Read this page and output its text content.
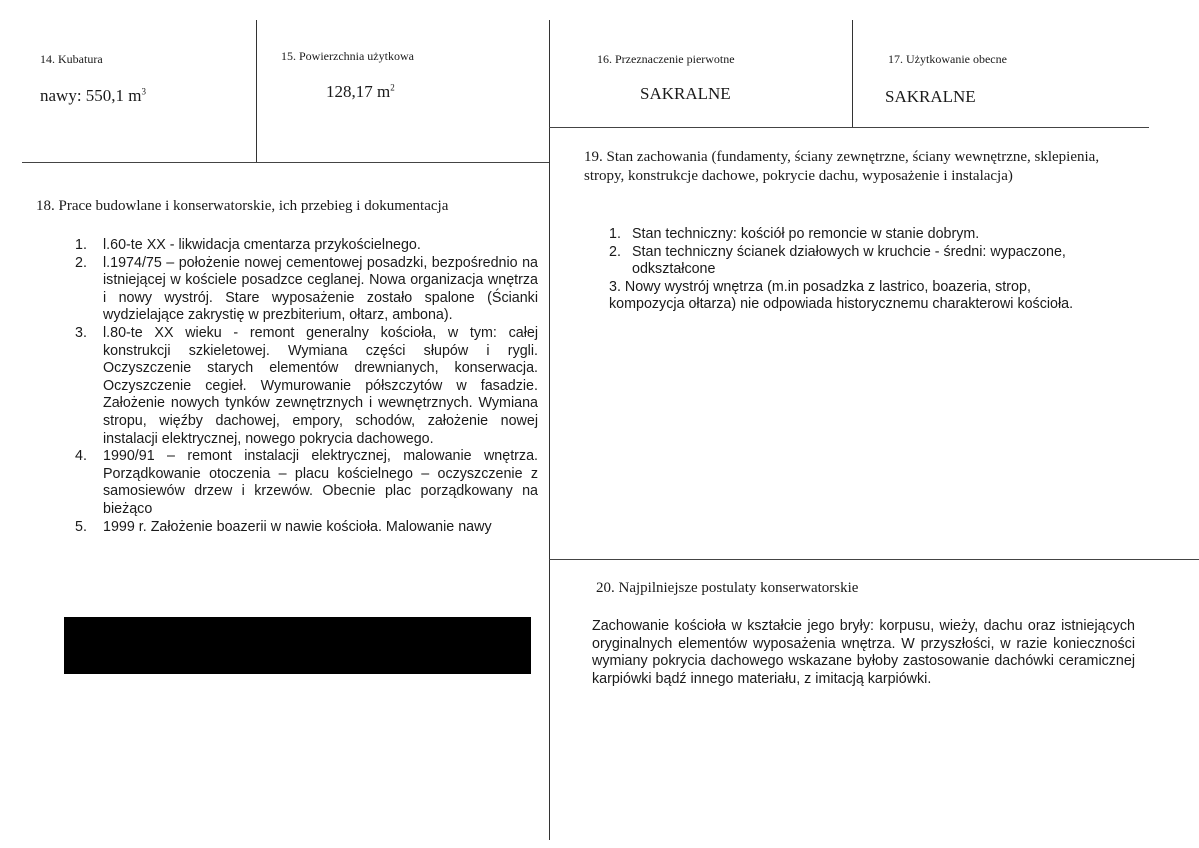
14. Kubatura
nawy: 550,1 $m^3$
15. Powierzchnia użytkowa
128,17 $m^2$
16. Przeznaczenie pierwotne
SAKRALNE
17. Użytkowanie obecne
SAKRALNE
18. Prace budowlane i konserwatorskie, ich przebieg i dokumentacja
1. l.60-te XX - likwidacja cmentarza przykościelnego.
2. l.1974/75 – położenie nowej cementowej posadzki, bezpośrednio na istniejącej w kościele posadzce ceglanej. Nowa organizacja wnętrza i nowy wystrój. Stare wyposażenie zostało spalone (Ścianki wydzielające zakrystię w prezbiterium, ołtarz, ambona).
3. l.80-te XX wieku - remont generalny kościoła, w tym: całej konstrukcji szkieletowej. Wymiana części słupów i rygli. Oczyszczenie starych elementów drewnianych, konserwacja. Oczyszczenie cegieł. Wymurowanie półszczytów w fasadzie. Założenie nowych tynków zewnętrznych i wewnętrznych. Wymiana stropu, więźby dachowej, empory, schodów, założenie nowej instalacji elektrycznej, nowego pokrycia dachowego.
4. 1990/91 – remont instalacji elektrycznej, malowanie wnętrza. Porządkowanie otoczenia – placu kościelnego – oczyszczenie z samosiewów drzew i krzewów. Obecnie plac porządkowany na bieżąco
5. 1999 r. Założenie boazerii w nawie kościoła. Malowanie nawy
19. Stan zachowania (fundamenty, ściany zewnętrzne, ściany wewnętrzne, sklepienia, stropy, konstrukcje dachowe, pokrycie dachu, wyposażenie i instalacja)
1. Stan techniczny: kościół po remoncie w stanie dobrym.
2. Stan techniczny ścianek działowych w kruchcie - średni: wypaczone, odkształcone
3. Nowy wystrój wnętrza (m.in posadzka z lastrico, boazeria, strop, kompozycja ołtarza) nie odpowiada historycznemu charakterowi kościoła.
20. Najpilniejsze postulaty konserwatorskie
Zachowanie kościoła w kształcie jego bryły: korpusu, wieży, dachu oraz istniejących oryginalnych elementów wyposażenia wnętrza. W przyszłości, w razie konieczności wymiany pokrycia dachowego wskazane byłoby zastosowanie dachówki ceramicznej karpiówki bądź innego materiału, z imitacją karpiówki.
